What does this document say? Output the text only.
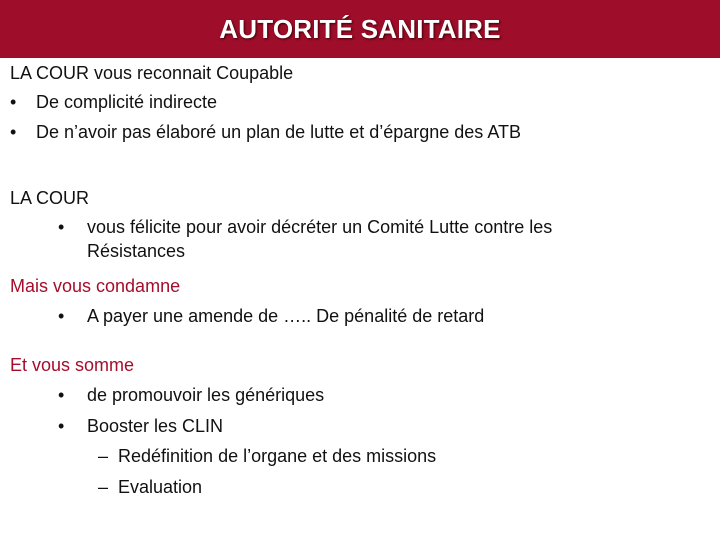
AUTORITÉ SANITAIRE
LA COUR vous reconnait Coupable
•	De complicité indirecte
•	De n’avoir pas élaboré un plan de lutte et d’épargne des ATB
LA COUR
•	vous félicite pour avoir décréter un Comité Lutte contre les Résistances
Mais vous condamne
•	A payer une amende de ….. De pénalité de retard
Et vous somme
•	de promouvoir les génériques
•	Booster les CLIN
– Redéfinition de l’organe et des missions
– Evaluation
